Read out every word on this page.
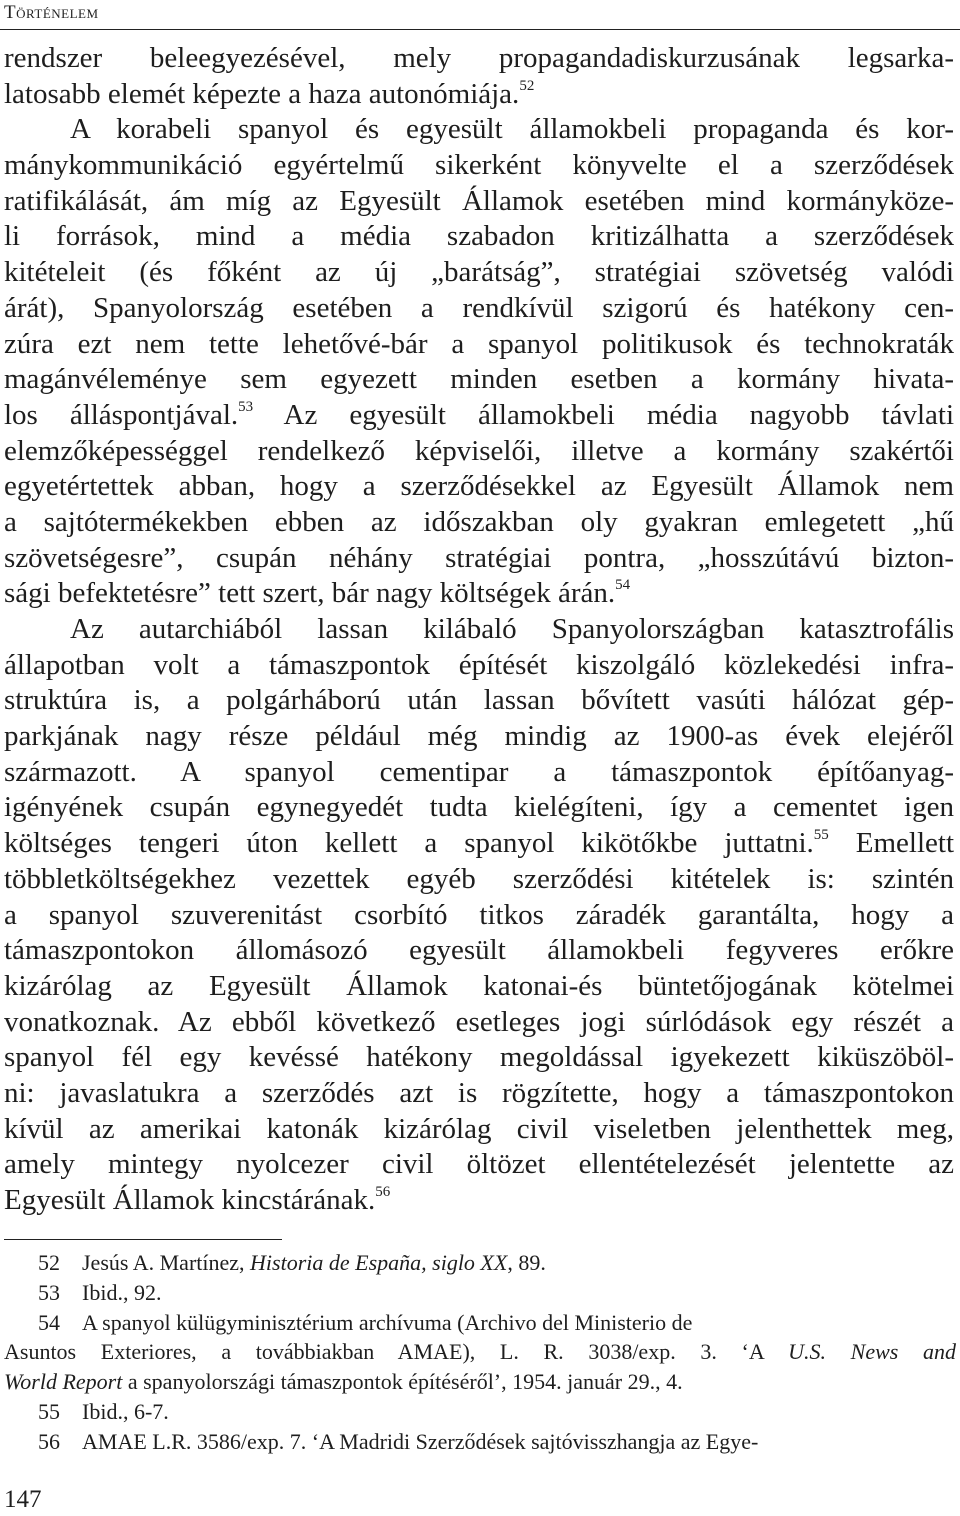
Történelem
rendszer beleegyezésével, mely propagandadiskurzusának legsarka-
latosabb elemét képezte a haza autonómiája.$^{52}$
A korabeli spanyol és egyesült államokbeli propaganda és kor-
mánykommunikáció egyértelmű sikerként könyvelte el a szerződések
ratifikálását, ám míg az Egyesült Államok esetében mind kormányköze-
li források, mind a média szabadon kritizálhatta a szerződések
kitételeit (és főként az új „barátság”, stratégiai szövetség valódi
árát), Spanyolország esetében a rendkívül szigorú és hatékony cen-
zúra ezt nem tette lehetővé-bár a spanyol politikusok és technokraták
magánvéleménye sem egyezett minden esetben a kormány hivata-
los álláspontjával.$^{53}$ Az egyesült államokbeli média nagyobb távlati
elemzőképességgel rendelkező képviselői, illetve a kormány szakértői
egyetértettek abban, hogy a szerződésekkel az Egyesült Államok nem
a sajtótermékekben ebben az időszakban oly gyakran emlegetett „hű
szövetségesre”, csupán néhány stratégiai pontra, „hosszútávú bizton-
sági befektetésre” tett szert, bár nagy költségek árán.$^{54}$
Az autarchiából lassan kilábaló Spanyolországban katasztrofális
állapotban volt a támaszpontok építését kiszolgáló közlekedési infra-
struktúra is, a polgárháború után lassan bővített vasúti hálózat gép-
parkjának nagy része például még mindig az 1900-as évek elejéről
származott. A spanyol cementipar a támaszpontok építőanyag-
igényének csupán egynegyedét tudta kielégíteni, így a cementet igen
költséges tengeri úton kellett a spanyol kikötőkbe juttatni.$^{55}$ Emellett
többletköltségekhez vezettek egyéb szerződési kitételek is: szintén
a spanyol szuverenitást csorbító titkos záradék garantálta, hogy a
támaszpontokon állomásozó egyesült államokbeli fegyveres erőkre
kizárólag az Egyesült Államok katonai-és büntetőjogának kötelmei
vonatkoznak. Az ebből következő esetleges jogi súrlódások egy részét a
spanyol fél egy kevéssé hatékony megoldással igyekezett kiküszöböl-
ni: javaslatukra a szerződés azt is rögzítette, hogy a támaszpontokon
kívül az amerikai katonák kizárólag civil viseletben jelenthettek meg,
amely mintegy nyolcezer civil öltözet ellentételezését jelentette az
Egyesült Államok kincstárának.$^{56}$
52 Jesús A. Martínez, Historia de España, siglo XX, 89.
53 Ibid., 92.
54 A spanyol külügyminisztérium archívuma (Archivo del Ministerio de
Asuntos Exteriores, a továbbiakban AMAE), L. R. 3038/exp. 3. ‘A U.S. News and
World Report a spanyolországi támaszpontok építéséről’, 1954. január 29., 4.
55 Ibid., 6-7.
56 AMAE L.R. 3586/exp. 7. ‘A Madridi Szerződések sajtóvisszhangja az Egye-
147
